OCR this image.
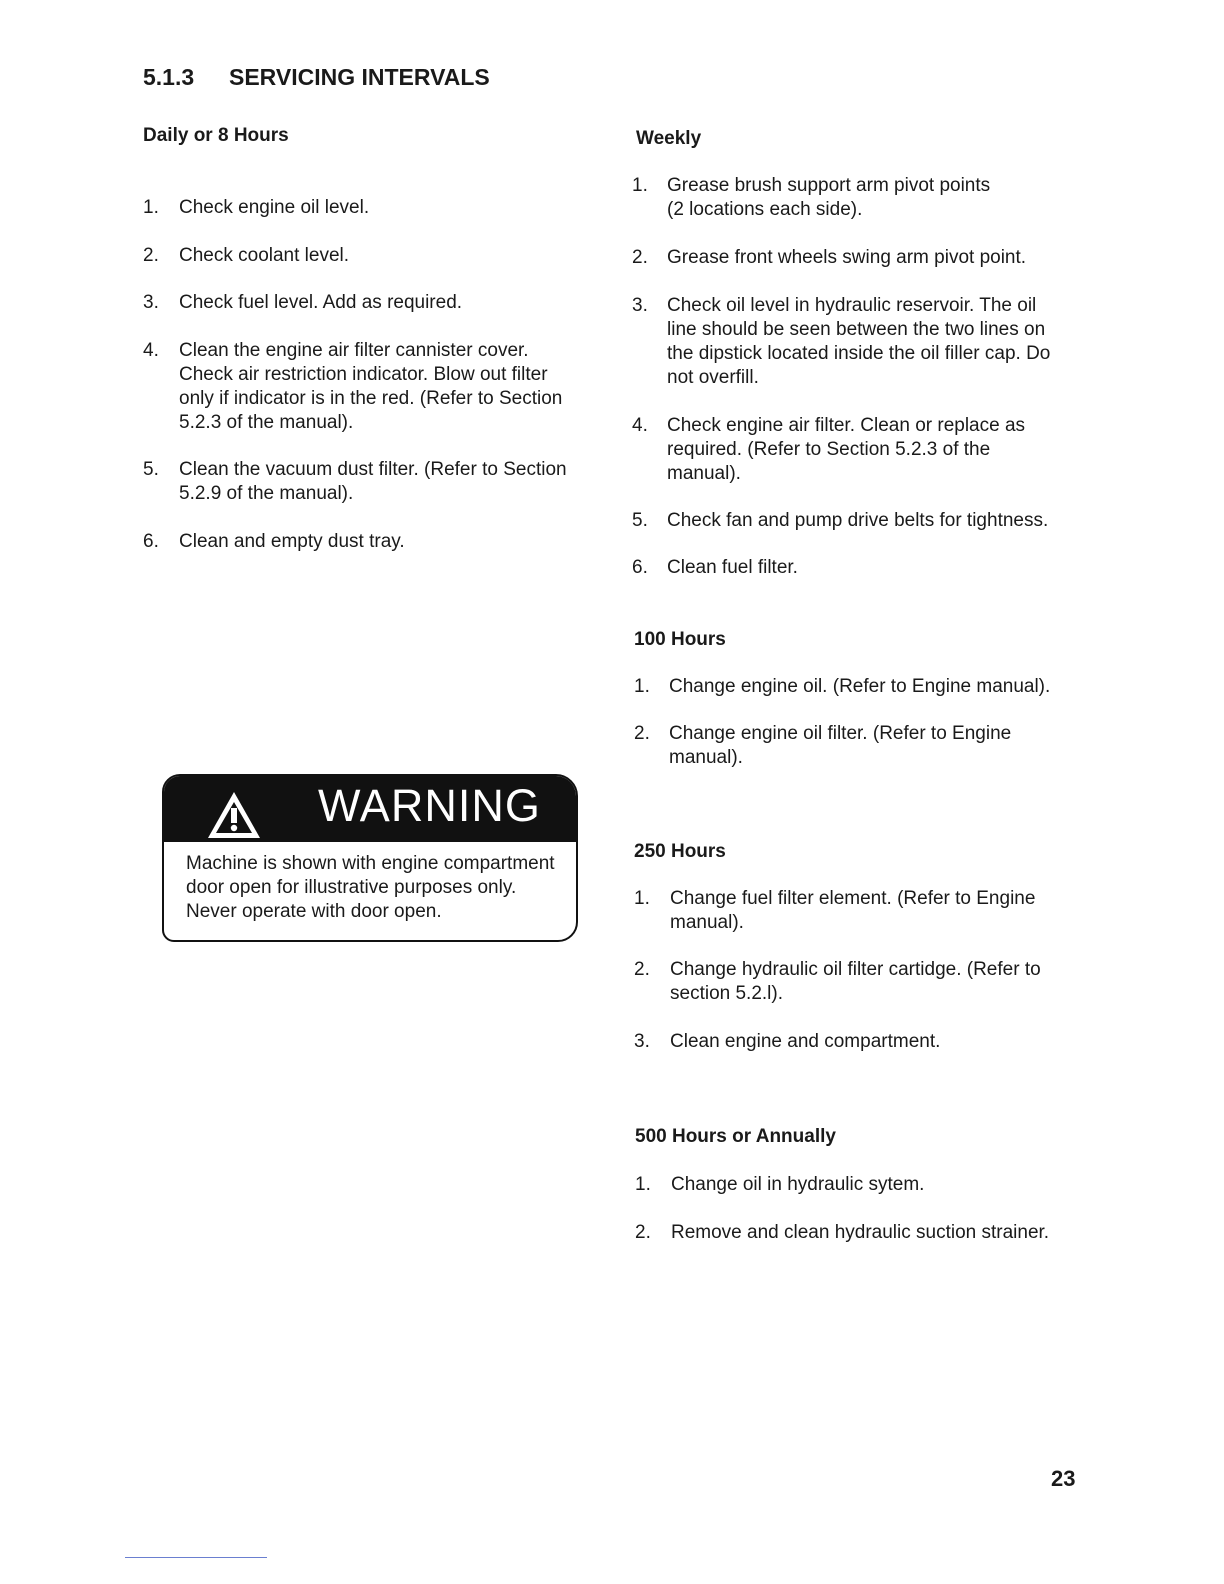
5.1.3 SERVICING INTERVALS
Daily or 8 Hours
1. Check engine oil level.
2. Check coolant level.
3. Check fuel level. Add as required.
4. Clean the engine air filter cannister cover.
Check air restriction indicator. Blow out filter
only if indicator is in the red. (Refer to Section
5.2.3 of the manual).
5. Clean the vacuum dust filter. (Refer to Section
5.2.9 of the manual).
6. Clean and empty dust tray.
WARNING
Machine is shown with engine compartment
door open for illustrative purposes only.
Never operate with door open.
Weekly
1. Grease brush support arm pivot points
(2 locations each side).
2. Grease front wheels swing arm pivot point.
3. Check oil level in hydraulic reservoir. The oil
line should be seen between the two lines on
the dipstick located inside the oil filler cap. Do
not overfill.
4. Check engine air filter. Clean or replace as
required. (Refer to Section 5.2.3 of the
manual).
5. Check fan and pump drive belts for tightness.
6. Clean fuel filter.
100 Hours
1. Change engine oil. (Refer to Engine manual).
2. Change engine oil filter. (Refer to Engine
manual).
250 Hours
1. Change fuel filter element. (Refer to Engine
manual).
2. Change hydraulic oil filter cartidge. (Refer to
section 5.2.l).
3. Clean engine and compartment.
500 Hours or Annually
1. Change oil in hydraulic sytem.
2. Remove and clean hydraulic suction strainer.
23
